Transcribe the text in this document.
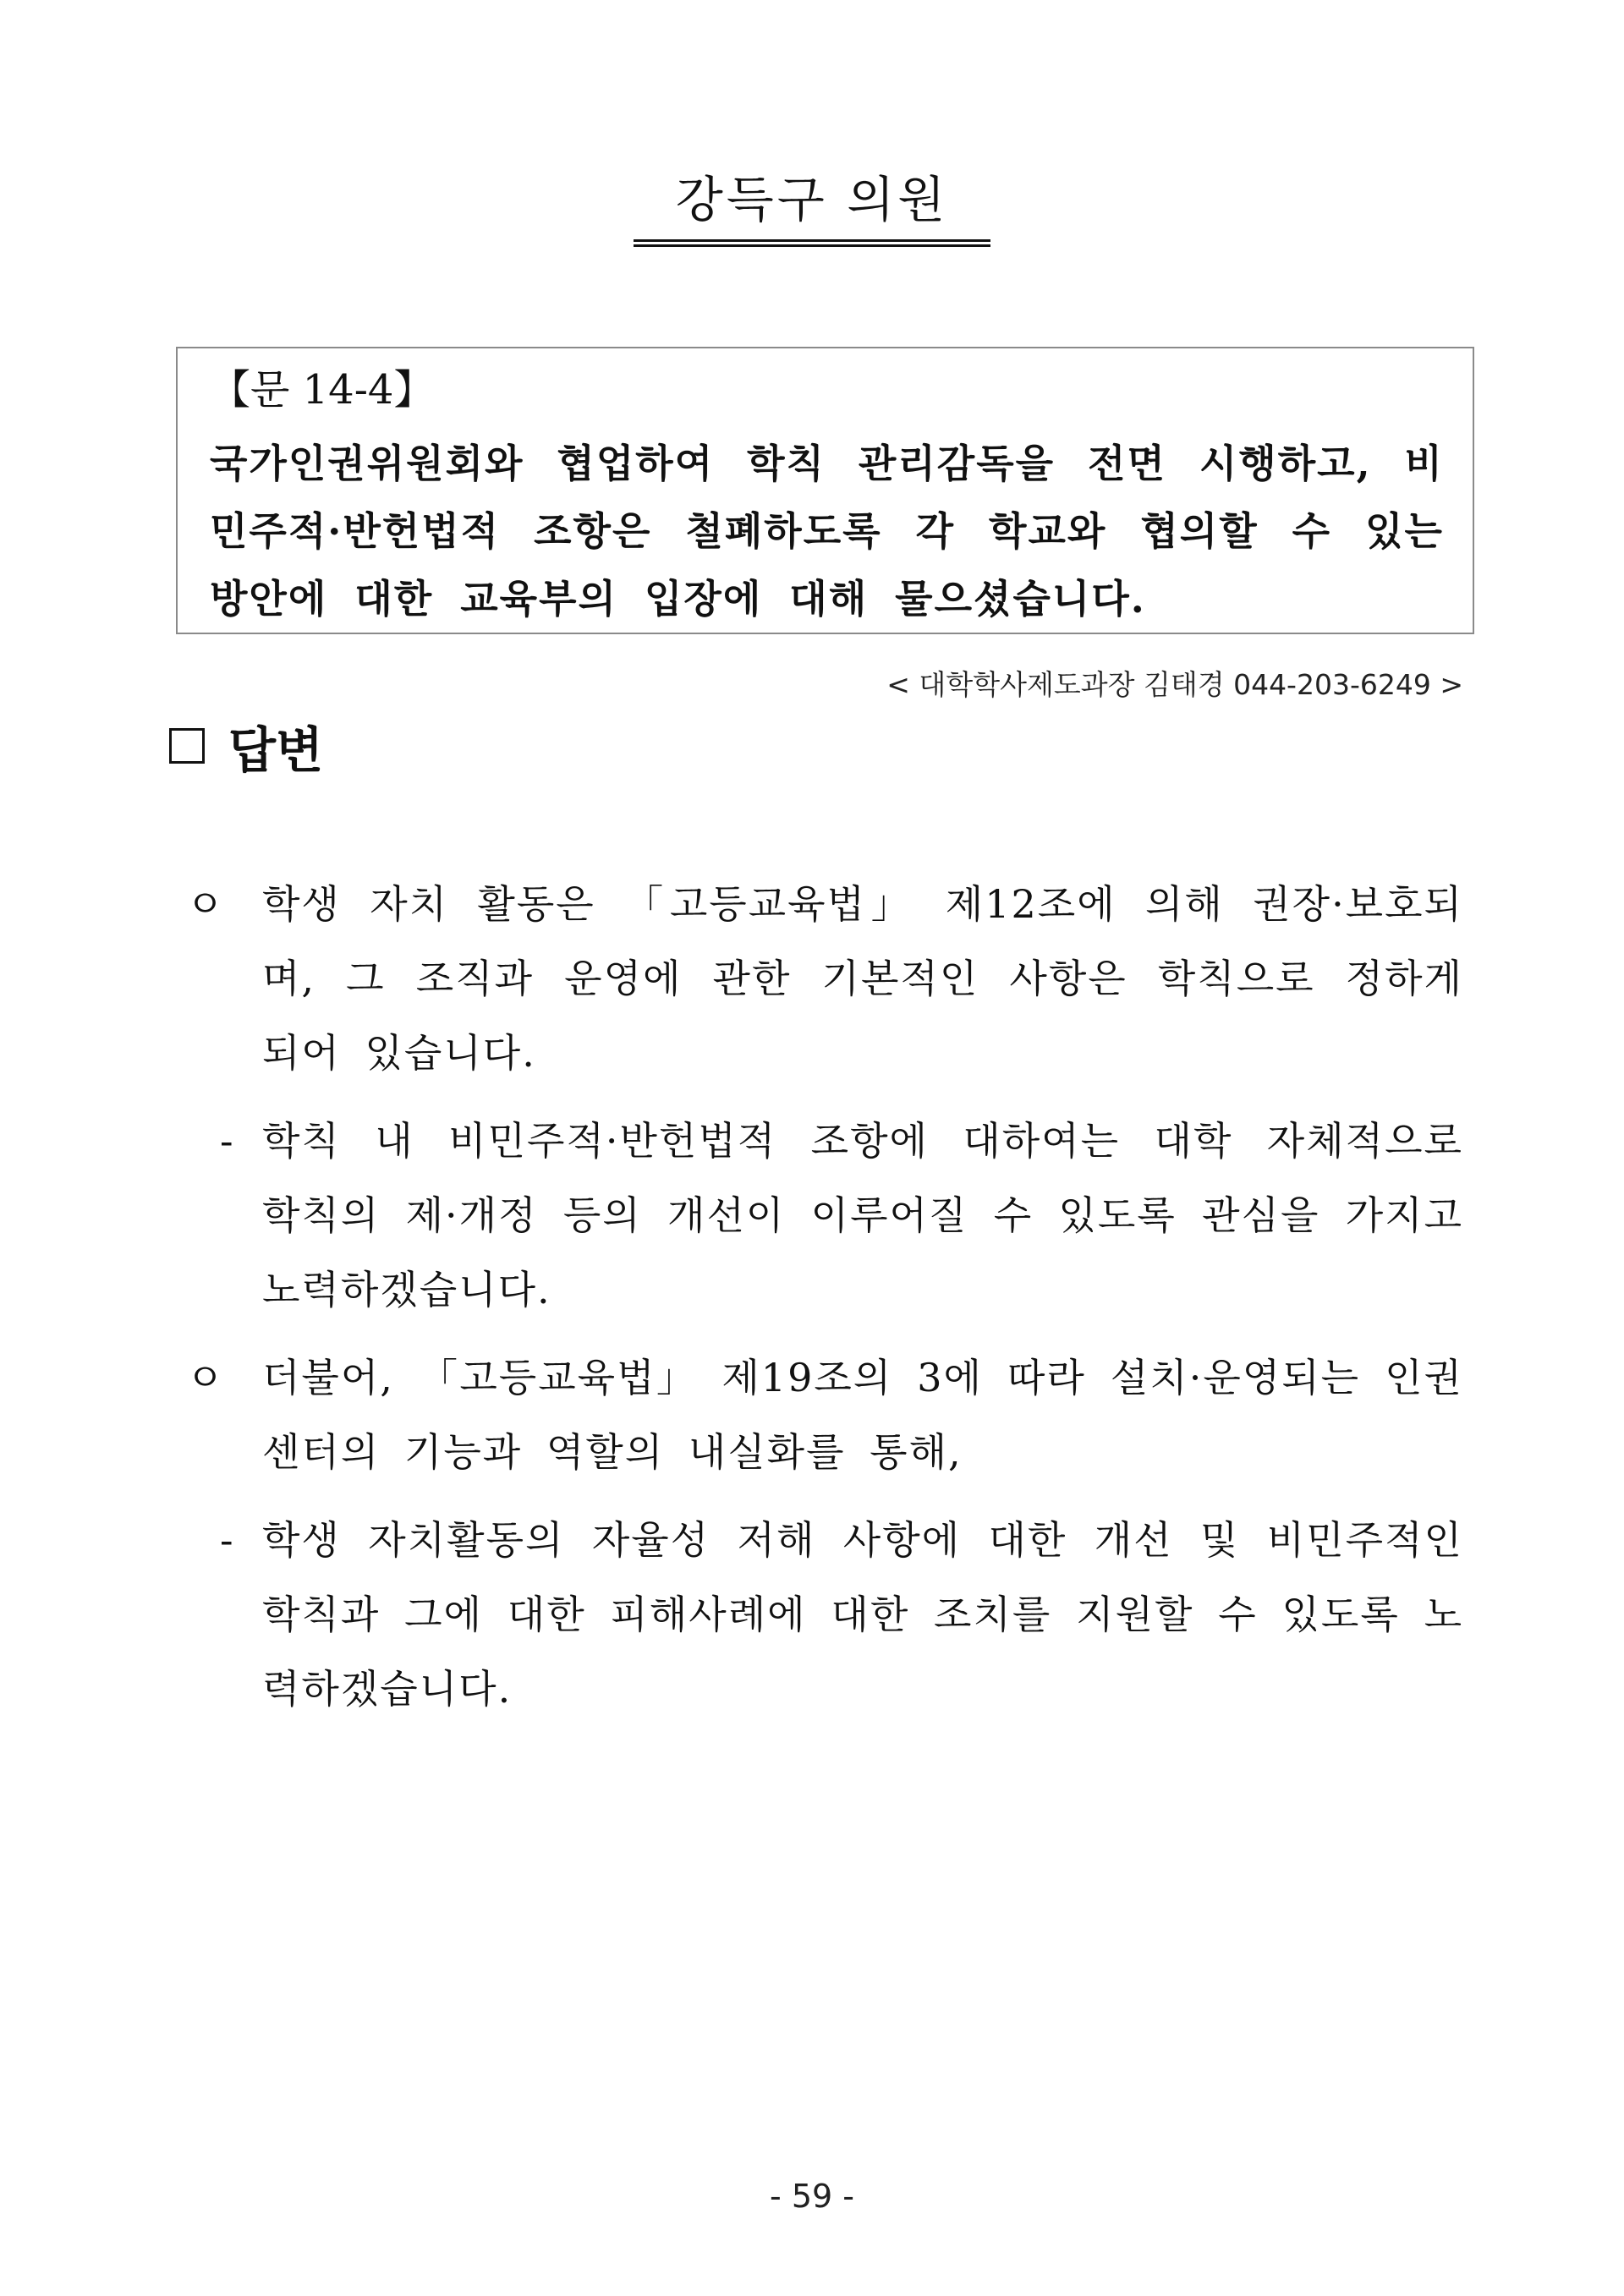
강득구 의원
【문 14-4】
국가인권위원회와 협업하여 학칙 관리감독을 전면 시행하고, 비민주적·반헌법적 조항은 철폐하도록 각 학교와 협의할 수 있는 방안에 대한 교육부의 입장에 대해 물으셨습니다.
< 대학학사제도과장 김태경 044-203-6249 >
답변
ㅇ 학생 자치 활동은 「고등교육법」 제12조에 의해 권장·보호되며, 그 조직과 운영에 관한 기본적인 사항은 학칙으로 정하게 되어 있습니다.
- 학칙 내 비민주적·반헌법적 조항에 대하여는 대학 자체적으로 학칙의 제·개정 등의 개선이 이루어질 수 있도록 관심을 가지고 노력하겠습니다.
ㅇ 더불어, 「고등교육법」 제19조의 3에 따라 설치·운영되는 인권센터의 기능과 역할의 내실화를 통해,
- 학생 자치활동의 자율성 저해 사항에 대한 개선 및 비민주적인 학칙과 그에 대한 피해사례에 대한 조치를 지원할 수 있도록 노력하겠습니다.
- 59 -
